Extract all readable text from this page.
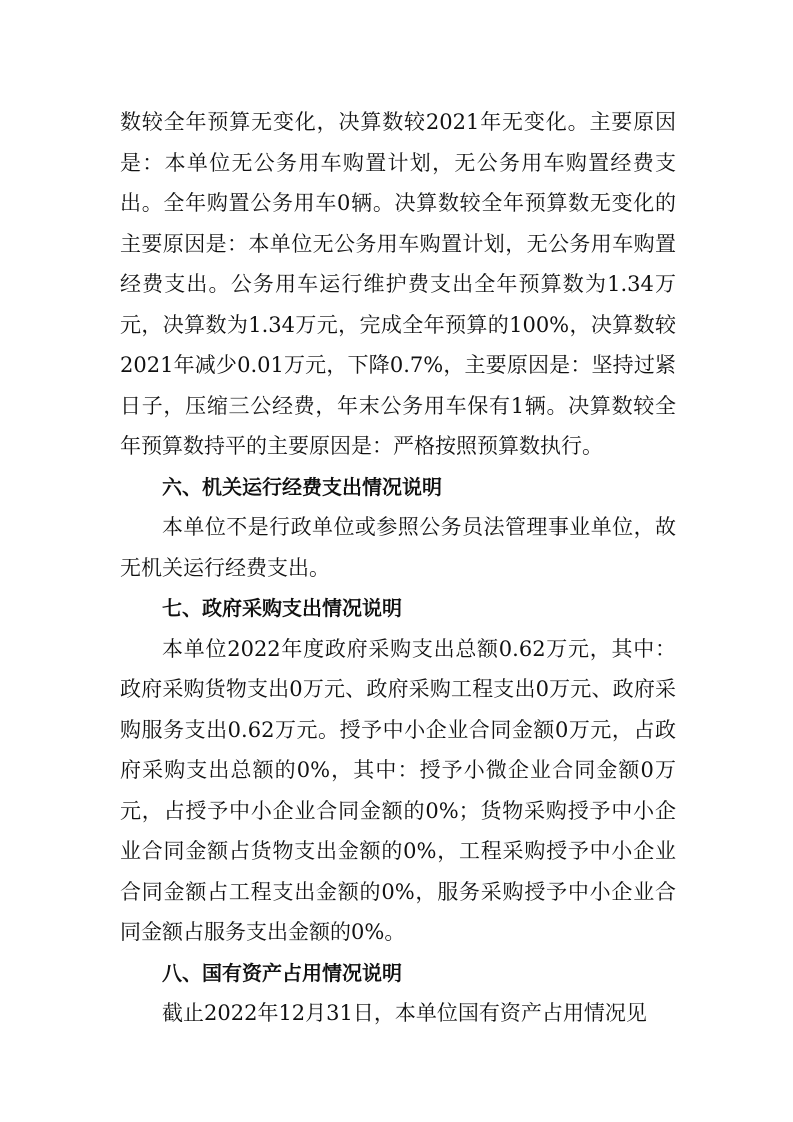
数较全年预算无变化，决算数较2021年无变化。主要原因是：本单位无公务用车购置计划，无公务用车购置经费支出。全年购置公务用车0辆。决算数较全年预算数无变化的主要原因是：本单位无公务用车购置计划，无公务用车购置经费支出。公务用车运行维护费支出全年预算数为1.34万元，决算数为1.34万元，完成全年预算的100%，决算数较2021年减少0.01万元，下降0.7%，主要原因是：坚持过紧日子，压缩三公经费，年末公务用车保有1辆。决算数较全年预算数持平的主要原因是：严格按照预算数执行。

六、机关运行经费支出情况说明

本单位不是行政单位或参照公务员法管理事业单位，故无机关运行经费支出。

七、政府采购支出情况说明

本单位2022年度政府采购支出总额0.62万元，其中：政府采购货物支出0万元、政府采购工程支出0万元、政府采购服务支出0.62万元。授予中小企业合同金额0万元，占政府采购支出总额的0%，其中：授予小微企业合同金额0万元，占授予中小企业合同金额的0%；货物采购授予中小企业合同金额占货物支出金额的0%，工程采购授予中小企业合同金额占工程支出金额的0%，服务采购授予中小企业合同金额占服务支出金额的0%。

八、国有资产占用情况说明

截止2022年12月31日，本单位国有资产占用情况见
